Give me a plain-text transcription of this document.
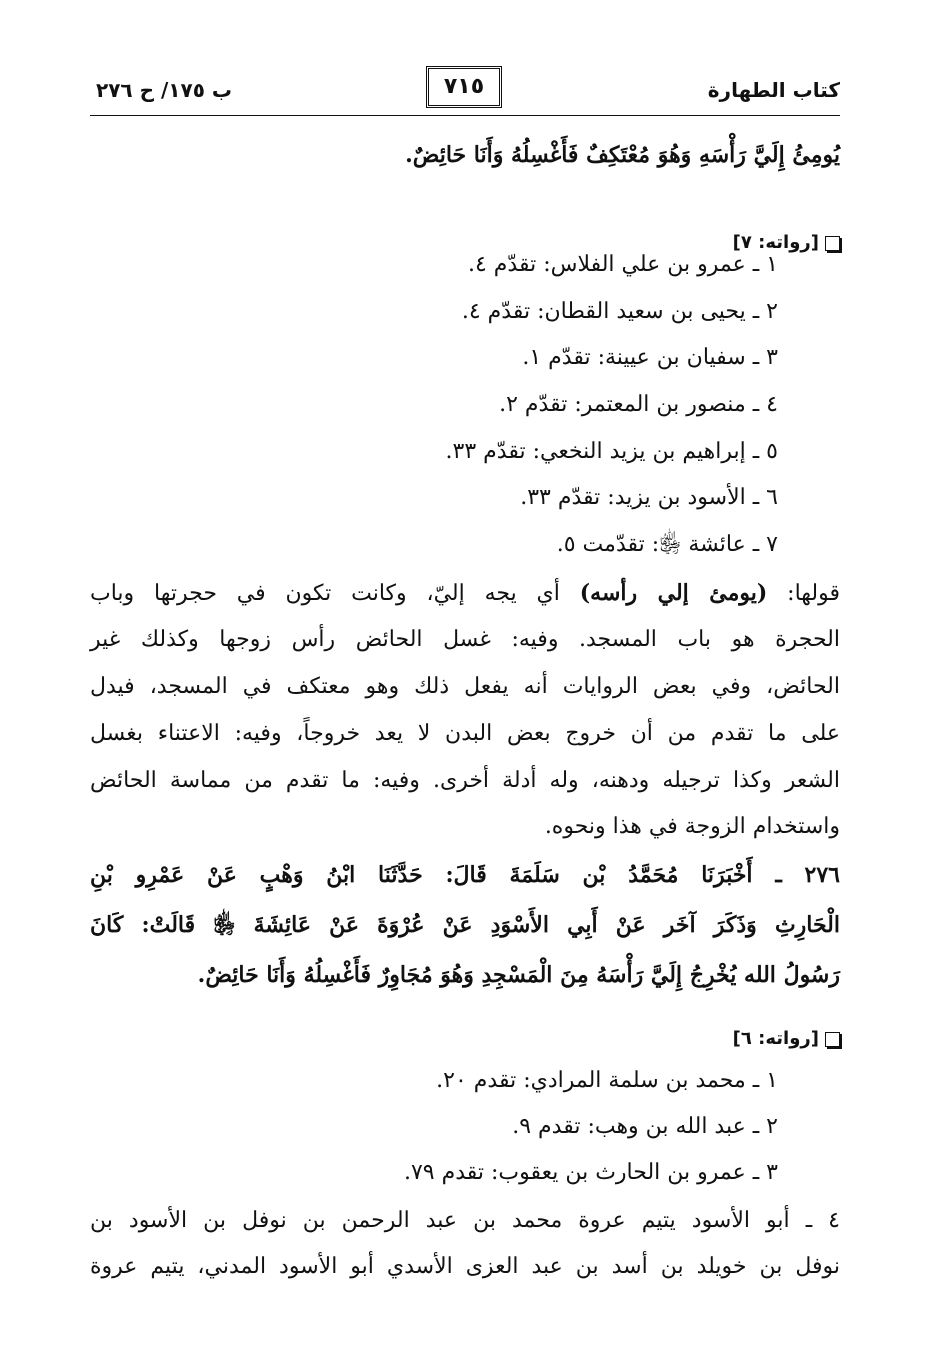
كتاب الطهارة
٧١٥
ب ١٧٥/ ح ٢٧٦
يُومِئُ إِلَيَّ رَأْسَهِ وَهُوَ مُعْتَكِفٌ فَأَغْسِلُهُ وَأَنَا حَائِضٌ.
[رواته: ٧]
١ ـ عمرو بن علي الفلاس: تقدّم ٤.
٢ ـ يحيى بن سعيد القطان: تقدّم ٤.
٣ ـ سفيان بن عيينة: تقدّم ١.
٤ ـ منصور بن المعتمر: تقدّم ٢.
٥ ـ إبراهيم بن يزيد النخعي: تقدّم ٣٣.
٦ ـ الأسود بن يزيد: تقدّم ٣٣.
٧ ـ عائشة ﵂: تقدّمت ٥.
قولها: (يومئ إلي رأسه) أي يجه إليّ، وكانت تكون في حجرتها وباب
الحجرة هو باب المسجد. وفيه: غسل الحائض رأس زوجها وكذلك غير
الحائض، وفي بعض الروايات أنه يفعل ذلك وهو معتكف في المسجد، فيدل
على ما تقدم من أن خروج بعض البدن لا يعد خروجاً، وفيه: الاعتناء بغسل
الشعر وكذا ترجيله ودهنه، وله أدلة أخرى. وفيه: ما تقدم من مماسة الحائض
واستخدام الزوجة في هذا ونحوه.
٢٧٦ ـ أَخْبَرَنَا مُحَمَّدُ بْن سَلَمَةَ قَالَ: حَدَّثَنَا ابْنُ وَهْبٍ عَنْ عَمْرِو بْنِ
الْحَارِثِ وَذَكَرَ آخَر عَنْ أَبِي الأَسْوَدِ عَنْ عُرْوَةَ عَنْ عَائِشَةَ ﵂ قَالَتْ: كَانَ
رَسُولُ الله يُخْرِجُ إِلَيَّ رَأْسَهُ مِنَ الْمَسْجِدِ وَهُوَ مُجَاوِرٌ فَأَغْسِلُهُ وَأَنَا حَائِضٌ.
[رواته: ٦]
١ ـ محمد بن سلمة المرادي: تقدم ٢٠.
٢ ـ عبد الله بن وهب: تقدم ٩.
٣ ـ عمرو بن الحارث بن يعقوب: تقدم ٧٩.
٤ ـ أبو الأسود يتيم عروة محمد بن عبد الرحمن بن نوفل بن الأسود بن
نوفل بن خويلد بن أسد بن عبد العزى الأسدي أبو الأسود المدني، يتيم عروة
